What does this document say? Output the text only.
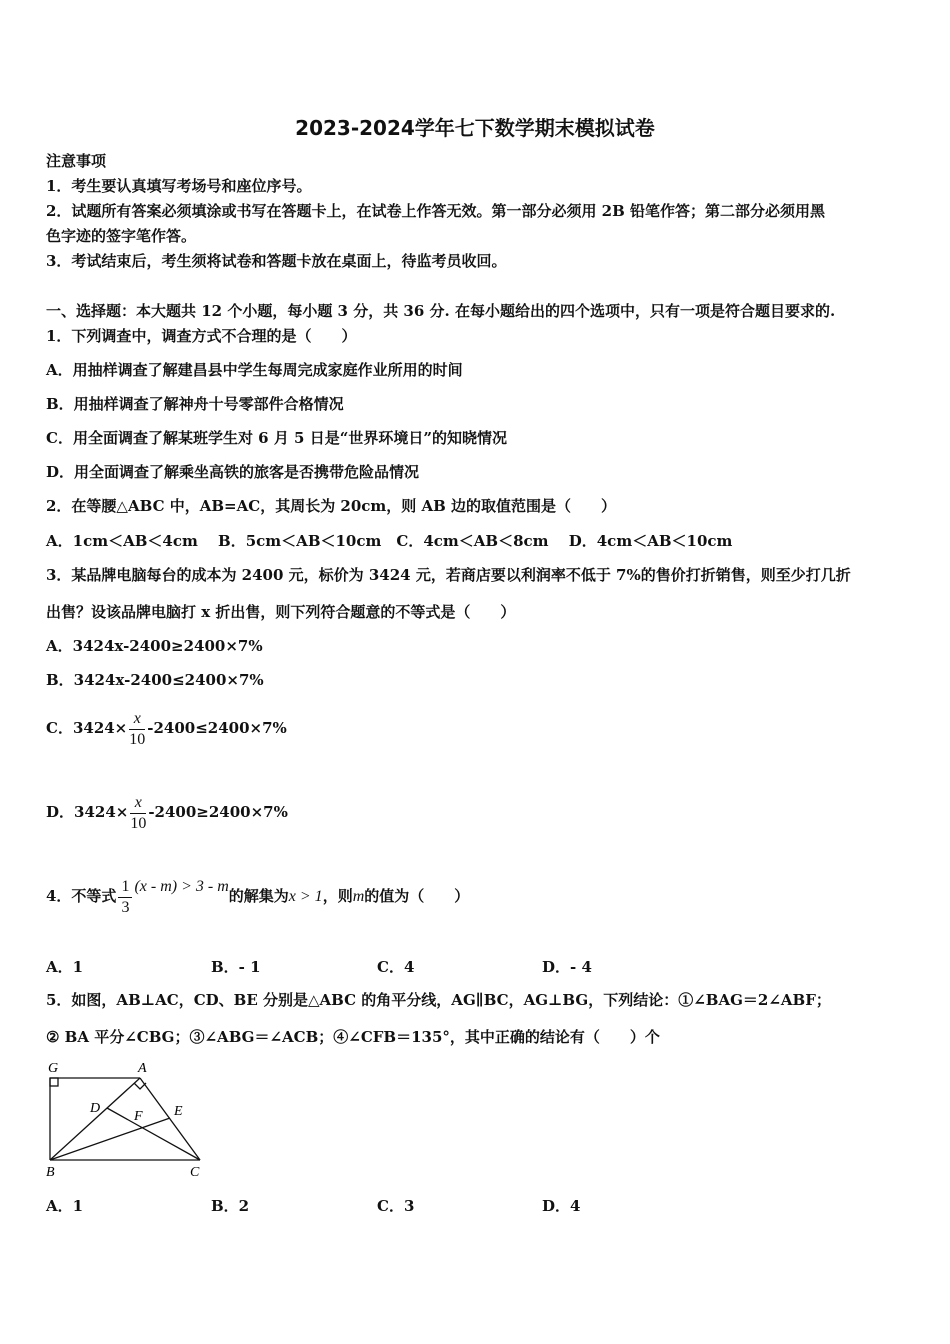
2023-2024学年七下数学期末模拟试卷
注意事项
1．考生要认真填写考场号和座位序号。
2．试题所有答案必须填涂或书写在答题卡上，在试卷上作答无效。第一部分必须用 2B 铅笔作答；第二部分必须用黑
色字迹的签字笔作答。
3．考试结束后，考生须将试卷和答题卡放在桌面上，待监考员收回。
一、选择题：本大题共 12 个小题，每小题 3 分，共 36 分. 在每小题给出的四个选项中，只有一项是符合题目要求的.
1．下列调查中，调查方式不合理的是（　　）
A．用抽样调查了解建昌县中学生每周完成家庭作业所用的时间
B．用抽样调查了解神舟十号零部件合格情况
C．用全面调查了解某班学生对 6 月 5 日是“世界环境日”的知晓情况
D．用全面调查了解乘坐高铁的旅客是否携带危险品情况
2．在等腰△ABC 中，AB=AC，其周长为 20cm，则 AB 边的取值范围是（　　）
A．1cm＜AB＜4cm　 B．5cm＜AB＜10cm　C．4cm＜AB＜8cm　 D．4cm＜AB＜10cm
3．某品牌电脑每台的成本为 2400 元，标价为 3424 元，若商店要以利润率不低于 7%的售价打折销售，则至少打几折
出售？设该品牌电脑打 x 折出售，则下列符合题意的不等式是（　　）
A．3424x-2400≥2400×7%
B．3424x-2400≤2400×7%
C．$3424\times \frac{x}{10} -2400\le 2400\times 7\%$
D．$3424\times \frac{x}{10} -2400\ge 2400\times 7\%$
4．不等式 $\frac{1}{3} (x - m) > 3 - m$的解集为x > 1，则m的值为（　　）
A．1	B．- 1	C．4	D．- 4
5．如图，AB⊥AC，CD、BE 分别是△ABC 的角平分线，AG∥BC，AG⊥BG，下列结论：①∠BAG＝2∠ABF；
② BA 平分∠CBG；③∠ABG＝∠ACB；④∠CFB＝135°，其中正确的结论有（　　）个
G	A
D
F E
B	C
A．1	B．2	C．3	D．4
